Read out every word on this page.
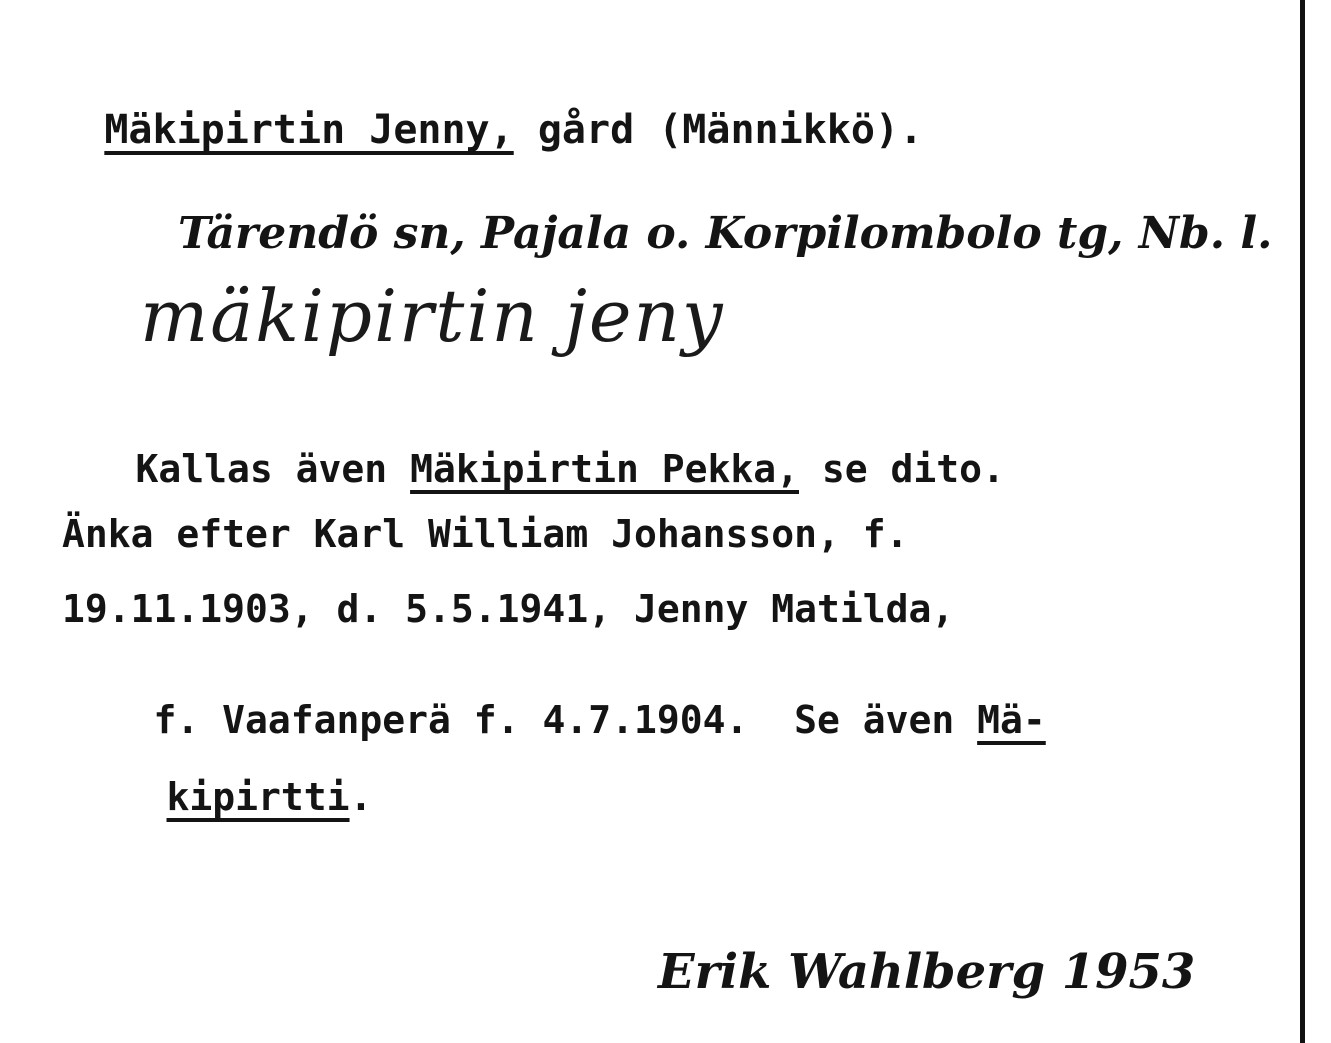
Mäkipirtin Jenny, gård (Männikkö).

Tärendö sn, Pajala o. Korpilombolo tg, Nb. l.
mäkipirtin jeny

Kallas även Mäkipirtin Pekka, se dito.

Änka efter Karl William Johansson, f.
19.11.1903, d. 5.5.1941, Jenny Matilda,

f. Vaafanperä f. 4.7.1904.  Se även Mä-

kipirtti.

Erik Wahlberg 1953
